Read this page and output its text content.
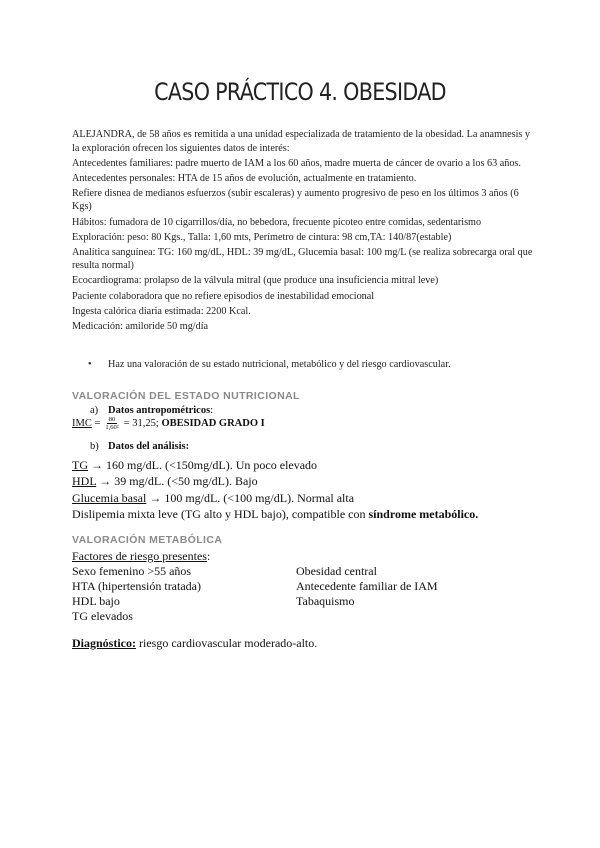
CASO PRÁCTICO 4. OBESIDAD

ALEJANDRA, de 58 años es remitida a una unidad especializada de tratamiento de la obesidad. La anamnesis y la exploración ofrecen los siguientes datos de interés:

Antecedentes familiares: padre muerto de IAM a los 60 años, madre muerta de cáncer de ovario a los 63 años.

Antecedentes personales: HTA de 15 años de evolución, actualmente en tratamiento.

Refiere disnea de medianos esfuerzos (subir escaleras) y aumento progresivo de peso en los últimos 3 años (6 Kgs)

Hábitos: fumadora de 10 cigarrillos/día, no bebedora, frecuente picoteo entre comidas, sedentarismo

Exploración: peso: 80 Kgs., Talla: 1,60 mts, Perímetro de cintura: 98 cm,TA: 140/87(estable)

Analítica sanguínea: TG: 160 mg/dL, HDL: 39 mg/dL, Glucemia basal: 100 mg/L (se realiza sobrecarga oral que resulta normal)

Ecocardiograma: prolapso de la válvula mitral (que produce una insuficiencia mitral leve)

Paciente colaboradora que no refiere episodios de inestabilidad emocional

Ingesta calórica diaria estimada: 2200 Kcal.

Medicación: amiloride 50 mg/día

• Haz una valoración de su estado nutricional, metabólico y del riesgo cardiovascular.
VALORACIÓN DEL ESTADO NUTRICIONAL
a) Datos antropométricos:
IMC
= $\frac{80}{\text{1,60²}} = 31,25$;
OBESIDAD GRADO I
b) Datos del análisis:

TG → 160 mg/dL. (<150mg/dL). Un poco elevado

HDL → 39 mg/dL. (<50 mg/dL). Bajo

Glucemia basal → 100 mg/dL. (<100 mg/dL). Normal alta

Dislipemia mixta leve (TG alto y HDL bajo), compatible con síndrome metabólico.

VALORACIÓN METABÓLICA

Factores de riesgo presentes:

Sexo femenino >55 años	Obesidad central
HTA (hipertensión tratada)	Antecedente familiar de IAM
HDL bajo	Tabaquismo
TG elevados
Diagnóstico: riesgo cardiovascular moderado-alto.
